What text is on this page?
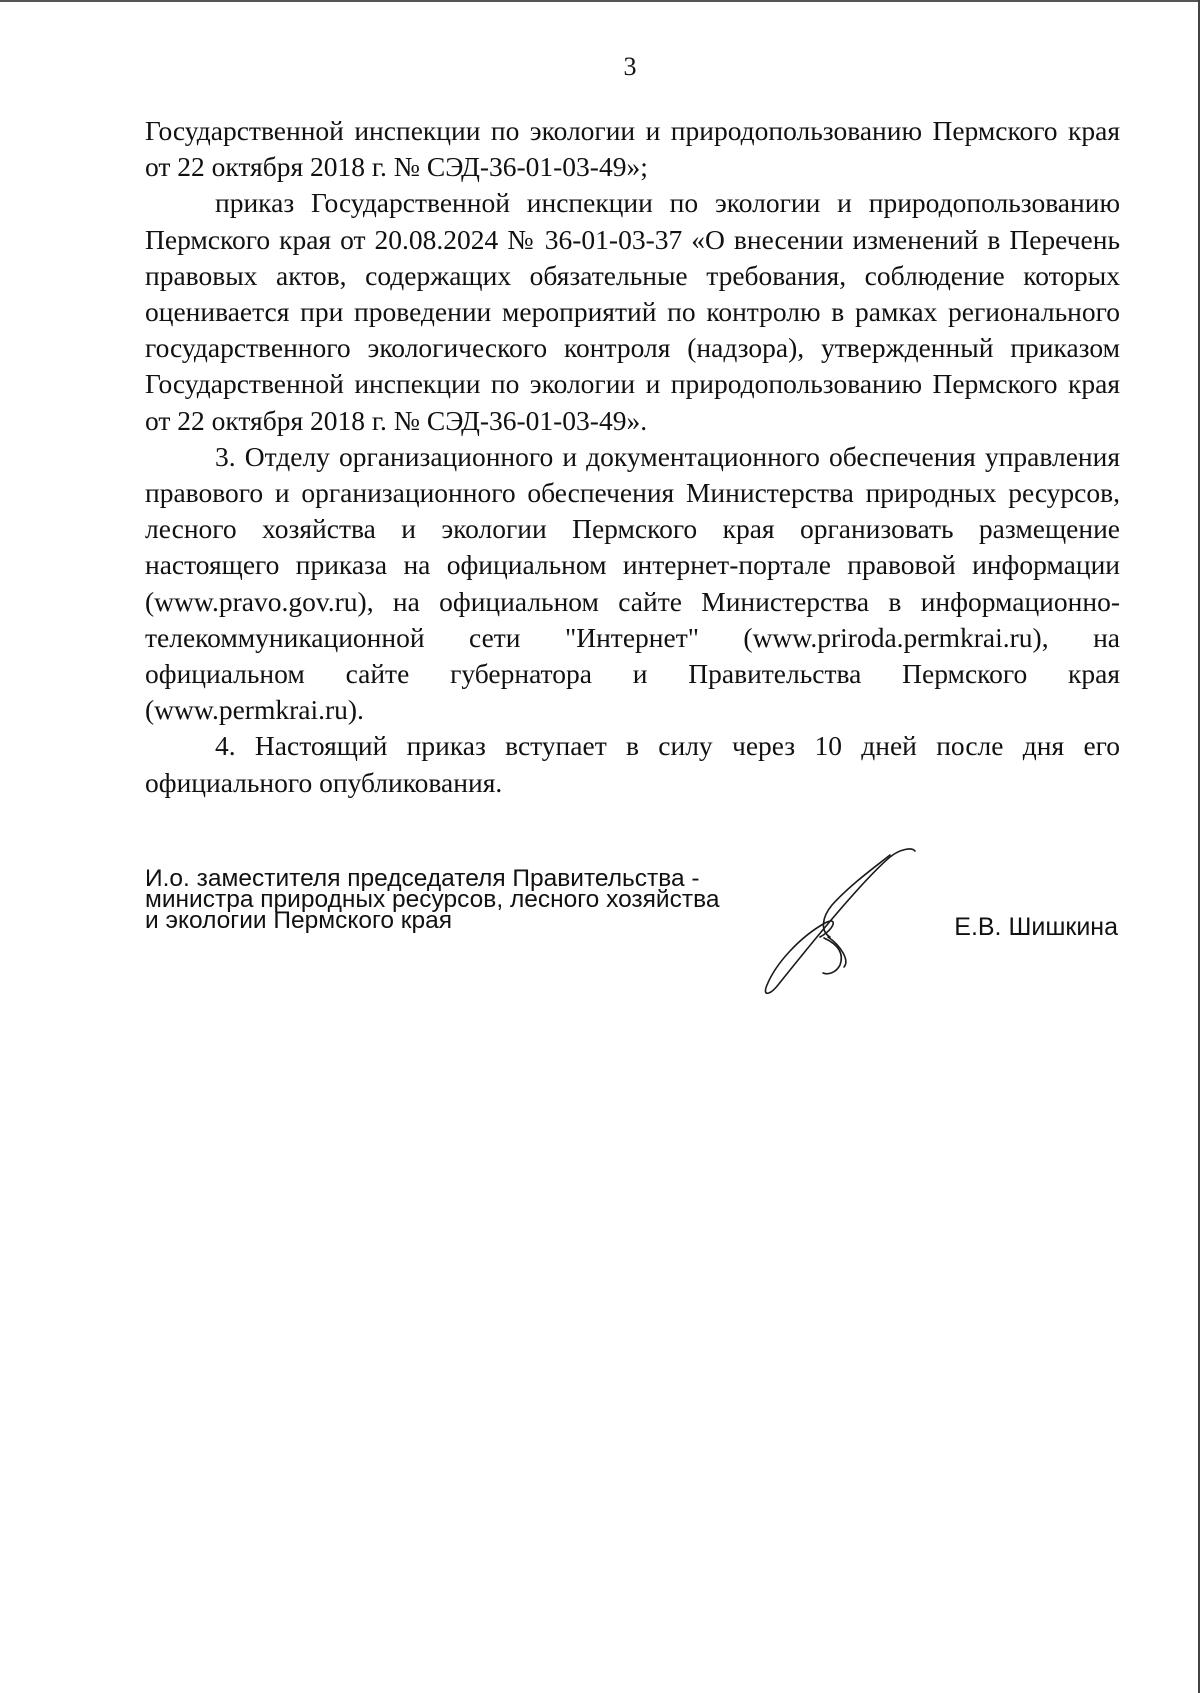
3

Государственной инспекции по экологии и природопользованию Пермского края от 22 октября 2018 г. № СЭД-36-01-03-49»;

приказ Государственной инспекции по экологии и природопользованию Пермского края от 20.08.2024 № 36-01-03-37 «О внесении изменений в Перечень правовых актов, содержащих обязательные требования, соблюдение которых оценивается при проведении мероприятий по контролю в рамках регионального государственного экологического контроля (надзора), утвержденный приказом Государственной инспекции по экологии и природопользованию Пермского края от 22 октября 2018 г. № СЭД-36-01-03-49».

3. Отделу организационного и документационного обеспечения управления правового и организационного обеспечения Министерства природных ресурсов, лесного хозяйства и экологии Пермского края организовать размещение настоящего приказа на официальном интернет-портале правовой информации (www.pravo.gov.ru), на официальном сайте Министерства в информационно-телекоммуникационной сети "Интернет" (www.priroda.permkrai.ru), на официальном сайте губернатора и Правительства Пермского края (www.permkrai.ru).

4. Настоящий приказ вступает в силу через 10 дней после дня его официального опубликования.

И.о. заместителя председателя Правительства -
министра природных ресурсов, лесного хозяйства
и экологии Пермского края	Е.В. Шишкина
